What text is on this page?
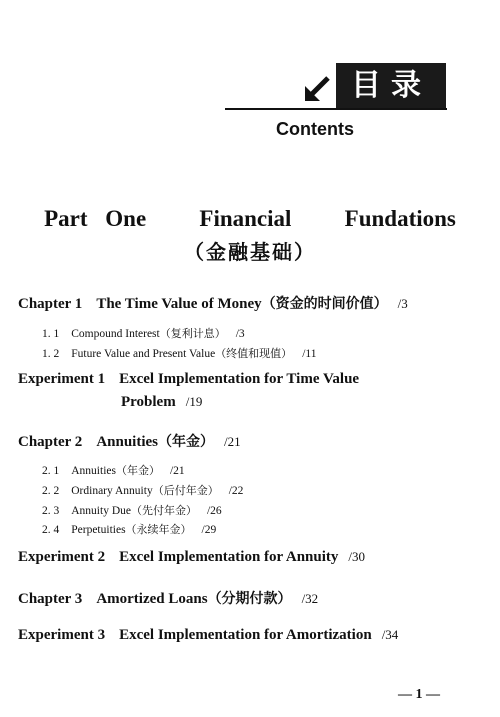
目录
Contents
Part One   Financial   Fundations
（金融基础）
Chapter 1 The Time Value of Money（资金的时间价值） /3
1. 1 Compound Interest（复利计息） /3
1. 2 Future Value and Present Value（终值和现值） /11
Experiment 1 Excel Implementation for Time Value
Problem /19
Chapter 2 Annuities（年金） /21
2. 1 Annuities（年金） /21
2. 2 Ordinary Annuity（后付年金） /22
2. 3 Annuity Due（先付年金） /26
2. 4 Perpetuities（永续年金） /29
Experiment 2 Excel Implementation for Annuity /30
Chapter 3 Amortized Loans（分期付款） /32
Experiment 3 Excel Implementation for Amortization /34
— 1 —
